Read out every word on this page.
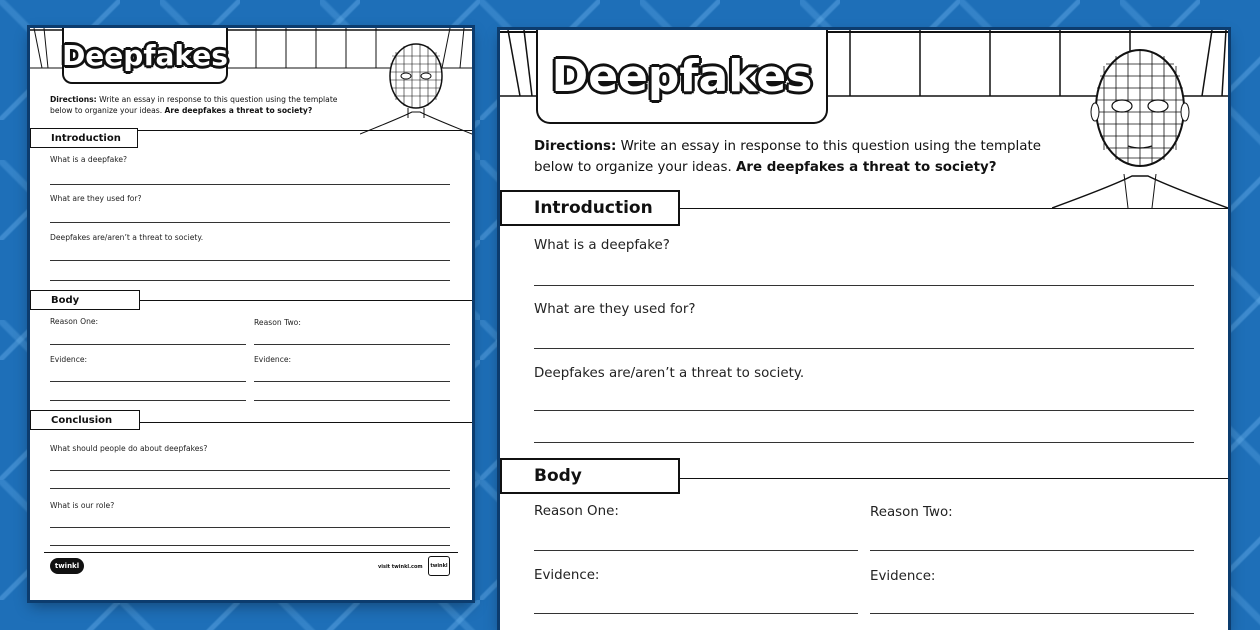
Deepfakes
Directions: Write an essay in response to this question using the template below to organize your ideas. Are deepfakes a threat to society?
Introduction
What is a deepfake?
What are they used for?
Deepfakes are/aren’t a threat to society.
Body
Reason One:	Reason Two:
Evidence:	Evidence:
Conclusion
What should people do about deepfakes?
What is our role?
twinkl	visit twinkl.com	twinkl
Deepfakes
Directions: Write an essay in response to this question using the template below to organize your ideas. Are deepfakes a threat to society?
Introduction
What is a deepfake?
What are they used for?
Deepfakes are/aren’t a threat to society.
Body
Reason One:	Reason Two:
Evidence:	Evidence:
